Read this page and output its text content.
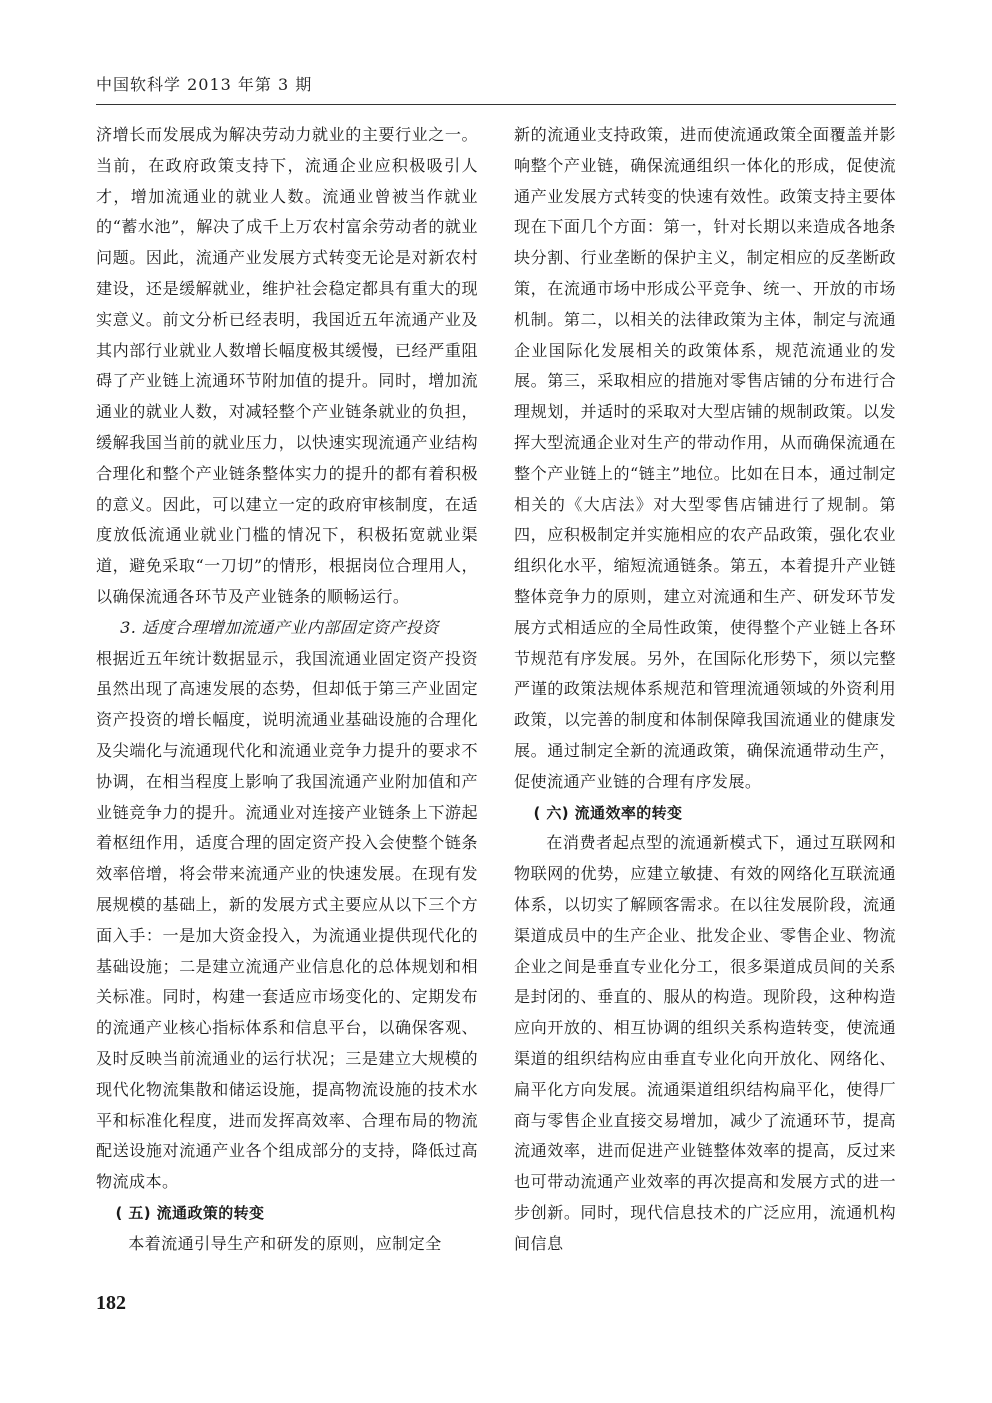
中国软科学 2013 年第 3 期

济增长而发展成为解决劳动力就业的主要行业之一。当前，在政府政策支持下，流通企业应积极吸引人才，增加流通业的就业人数。流通业曾被当作就业的“蓄水池”，解决了成千上万农村富余劳动者的就业问题。因此，流通产业发展方式转变无论是对新农村建设，还是缓解就业，维护社会稳定都具有重大的现实意义。前文分析已经表明，我国近五年流通产业及其内部行业就业人数增长幅度极其缓慢，已经严重阻碍了产业链上流通环节附加值的提升。同时，增加流通业的就业人数，对减轻整个产业链条就业的负担，缓解我国当前的就业压力，以快速实现流通产业结构合理化和整个产业链条整体实力的提升的都有着积极的意义。因此，可以建立一定的政府审核制度，在适度放低流通业就业门槛的情况下，积极拓宽就业渠道，避免采取“一刀切”的情形，根据岗位合理用人，以确保流通各环节及产业链条的顺畅运行。

3. 适度合理增加流通产业内部固定资产投资

根据近五年统计数据显示，我国流通业固定资产投资虽然出现了高速发展的态势，但却低于第三产业固定资产投资的增长幅度，说明流通业基础设施的合理化及尖端化与流通现代化和流通业竞争力提升的要求不协调，在相当程度上影响了我国流通产业附加值和产业链竞争力的提升。流通业对连接产业链条上下游起着枢纽作用，适度合理的固定资产投入会使整个链条效率倍增，将会带来流通产业的快速发展。在现有发展规模的基础上，新的发展方式主要应从以下三个方面入手：一是加大资金投入，为流通业提供现代化的基础设施；二是建立流通产业信息化的总体规划和相关标准。同时，构建一套适应市场变化的、定期发布的流通产业核心指标体系和信息平台，以确保客观、及时反映当前流通业的运行状况；三是建立大规模的现代化物流集散和储运设施，提高物流设施的技术水平和标准化程度，进而发挥高效率、合理布局的物流配送设施对流通产业各个组成部分的支持，降低过高物流成本。

( 五) 流通政策的转变

本着流通引导生产和研发的原则，应制定全

新的流通业支持政策，进而使流通政策全面覆盖并影响整个产业链，确保流通组织一体化的形成，促使流通产业发展方式转变的快速有效性。政策支持主要体现在下面几个方面：第一，针对长期以来造成各地条块分割、行业垄断的保护主义，制定相应的反垄断政策，在流通市场中形成公平竞争、统一、开放的市场机制。第二，以相关的法律政策为主体，制定与流通企业国际化发展相关的政策体系，规范流通业的发展。第三，采取相应的措施对零售店铺的分布进行合理规划，并适时的采取对大型店铺的规制政策。以发挥大型流通企业对生产的带动作用，从而确保流通在整个产业链上的“链主”地位。比如在日本，通过制定相关的《大店法》对大型零售店铺进行了规制。第四，应积极制定并实施相应的农产品政策，强化农业组织化水平，缩短流通链条。第五，本着提升产业链整体竞争力的原则，建立对流通和生产、研发环节发展方式相适应的全局性政策，使得整个产业链上各环节规范有序发展。另外，在国际化形势下，须以完整严谨的政策法规体系规范和管理流通领域的外资利用政策，以完善的制度和体制保障我国流通业的健康发展。通过制定全新的流通政策，确保流通带动生产，促使流通产业链的合理有序发展。

( 六) 流通效率的转变

在消费者起点型的流通新模式下，通过互联网和物联网的优势，应建立敏捷、有效的网络化互联流通体系，以切实了解顾客需求。在以往发展阶段，流通渠道成员中的生产企业、批发企业、零售企业、物流企业之间是垂直专业化分工，很多渠道成员间的关系是封闭的、垂直的、服从的构造。现阶段，这种构造应向开放的、相互协调的组织关系构造转变，使流通渠道的组织结构应由垂直专业化向开放化、网络化、扁平化方向发展。流通渠道组织结构扁平化，使得厂商与零售企业直接交易增加，减少了流通环节，提高流通效率，进而促进产业链整体效率的提高，反过来也可带动流通产业效率的再次提高和发展方式的进一步创新。同时，现代信息技术的广泛应用，流通机构间信息

182
